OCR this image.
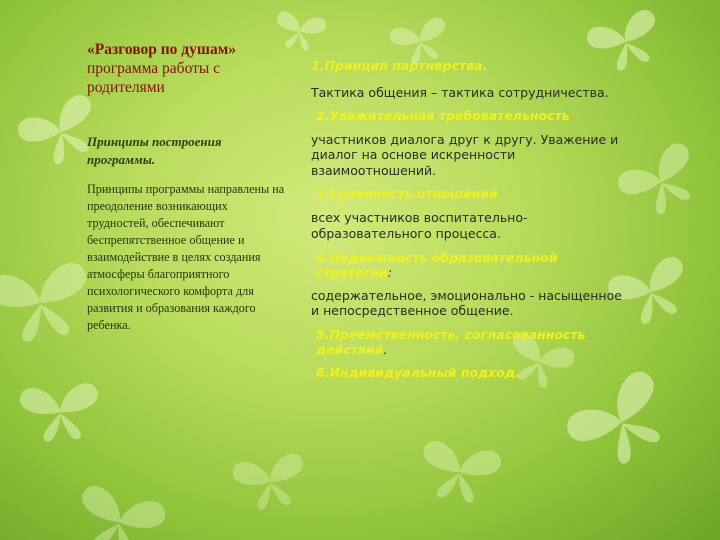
«Разговор по душам»
программа работы с родителями
Принципы построения программы.
Принципы программы направлены на преодоление возникающих трудностей, обеспечивают беспрепятственное общение и взаимодействие в целях создания атмосферы благоприятного психологического комфорта для развития и образования каждого ребенка.

1.Принцип партнерства.

Тактика общения – тактика сотрудничества.

2.Уважительная требовательность

участников диалога друг к другу. Уважение и диалог на основе искренности взаимоотношений.

3.Гуманность отношений

всех участников воспитательно-образовательного процесса.

4.Подвижность образовательной стратегии:

содержательное, эмоционально - насыщенное и непосредственное общение.

5.Преемственность, согласованность действий.

6.Индивидуальный подход.
